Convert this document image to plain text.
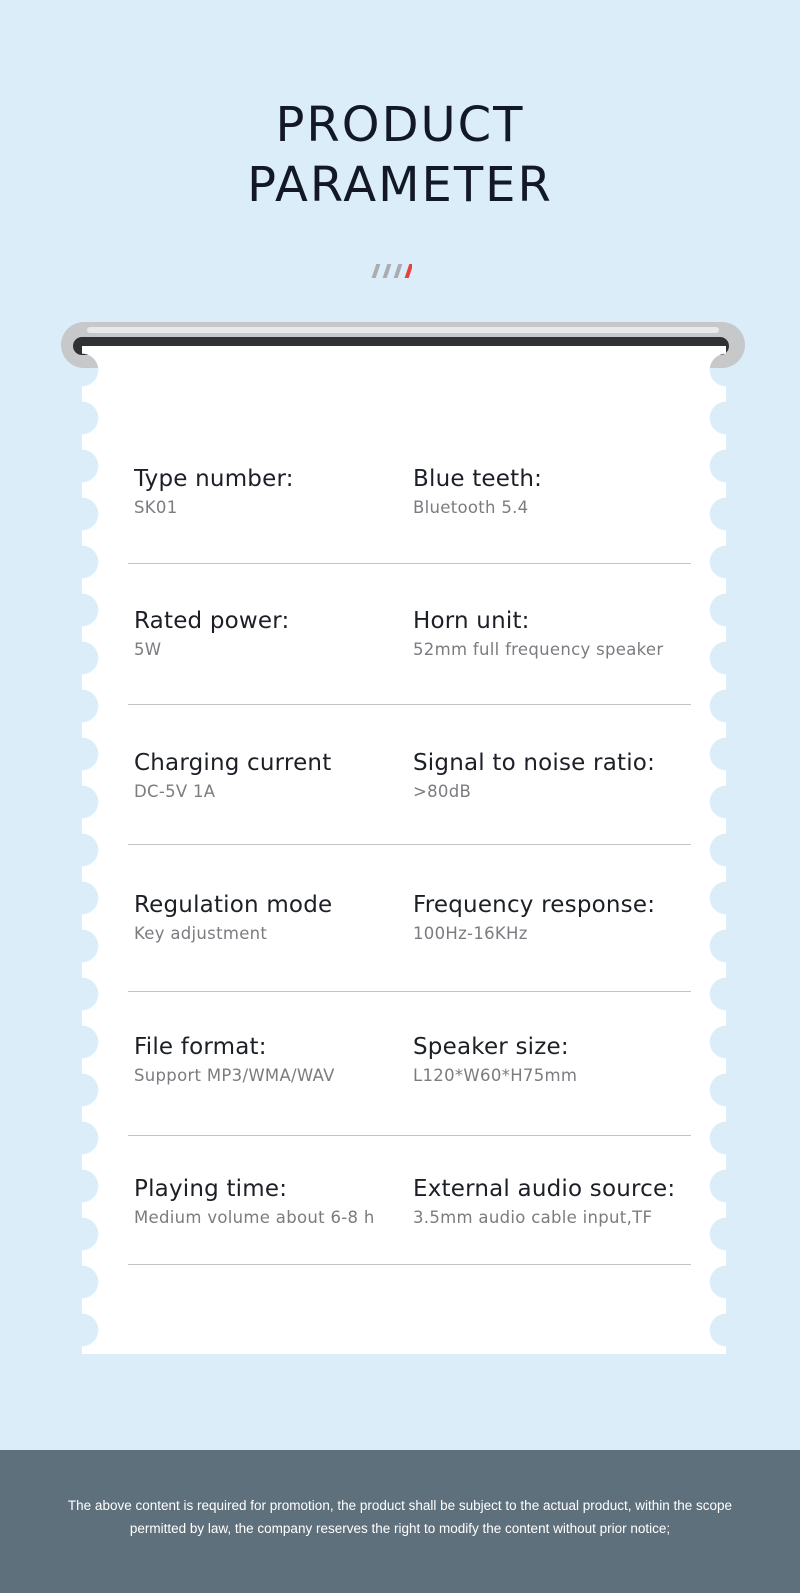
PRODUCT
PARAMETER
Type number:
SK01
Blue teeth:
Bluetooth 5.4
Rated power:
5W
Horn unit:
52mm full frequency speaker
Charging current
DC-5V 1A
Signal to noise ratio:
>80dB
Regulation mode
Key adjustment
Frequency response:
100Hz-16KHz
File format:
Support MP3/WMA/WAV
Speaker size:
L120*W60*H75mm
Playing time:
Medium volume about 6-8 h
External audio source:
3.5mm audio cable input,TF
The above content is required for promotion, the product shall be subject to the actual product, within the scope
permitted by law, the company reserves the right to modify the content without prior notice;
